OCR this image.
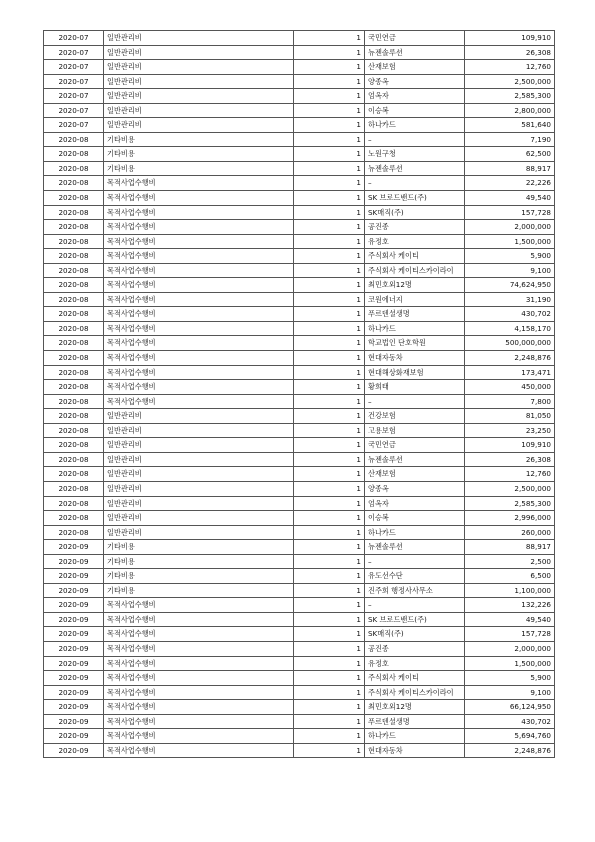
2020-07	일반관리비	1	국민연금	109,910
2020-07	일반관리비	1	뉴젠솔루션	26,308
2020-07	일반관리비	1	산재보험	12,760
2020-07	일반관리비	1	양종옥	2,500,000
2020-07	일반관리비	1	엄옥자	2,585,300
2020-07	일반관리비	1	이승복	2,800,000
2020-07	일반관리비	1	하나카드	581,640
2020-08	기타비용	1	–	7,190
2020-08	기타비용	1	노원구청	62,500
2020-08	기타비용	1	뉴젠솔루션	88,917
2020-08	목적사업수행비	1	–	22,226
2020-08	목적사업수행비	1	SK 브로드밴드(주)	49,540
2020-08	목적사업수행비	1	SK매직(주)	157,728
2020-08	목적사업수행비	1	공진종	2,000,000
2020-08	목적사업수행비	1	유정호	1,500,000
2020-08	목적사업수행비	1	주식회사 케이티	5,900
2020-08	목적사업수행비	1	주식회사 케이티스카이라이	9,100
2020-08	목적사업수행비	1	최민호외12명	74,624,950
2020-08	목적사업수행비	1	코원에너지	31,190
2020-08	목적사업수행비	1	푸르덴셜생명	430,702
2020-08	목적사업수행비	1	하나카드	4,158,170
2020-08	목적사업수행비	1	학교법인 단호학원	500,000,000
2020-08	목적사업수행비	1	현대자동차	2,248,876
2020-08	목적사업수행비	1	현대해상화재보험	173,471
2020-08	목적사업수행비	1	황희태	450,000
2020-08	목적사업수행비	1	–	7,800
2020-08	일반관리비	1	건강보험	81,050
2020-08	일반관리비	1	고용보험	23,250
2020-08	일반관리비	1	국민연금	109,910
2020-08	일반관리비	1	뉴젠솔루션	26,308
2020-08	일반관리비	1	산재보험	12,760
2020-08	일반관리비	1	양종옥	2,500,000
2020-08	일반관리비	1	엄옥자	2,585,300
2020-08	일반관리비	1	이승복	2,996,000
2020-08	일반관리비	1	하나카드	260,000
2020-09	기타비용	1	뉴젠솔루션	88,917
2020-09	기타비용	1	–	2,500
2020-09	기타비용	1	유도선수단	6,500
2020-09	기타비용	1	진주희 행정사사무소	1,100,000
2020-09	목적사업수행비	1	–	132,226
2020-09	목적사업수행비	1	SK 브로드밴드(주)	49,540
2020-09	목적사업수행비	1	SK매직(주)	157,728
2020-09	목적사업수행비	1	공진종	2,000,000
2020-09	목적사업수행비	1	유정호	1,500,000
2020-09	목적사업수행비	1	주식회사 케이티	5,900
2020-09	목적사업수행비	1	주식회사 케이티스카이라이	9,100
2020-09	목적사업수행비	1	최민호외12명	66,124,950
2020-09	목적사업수행비	1	푸르덴셜생명	430,702
2020-09	목적사업수행비	1	하나카드	5,694,760
2020-09	목적사업수행비	1	현대자동차	2,248,876
